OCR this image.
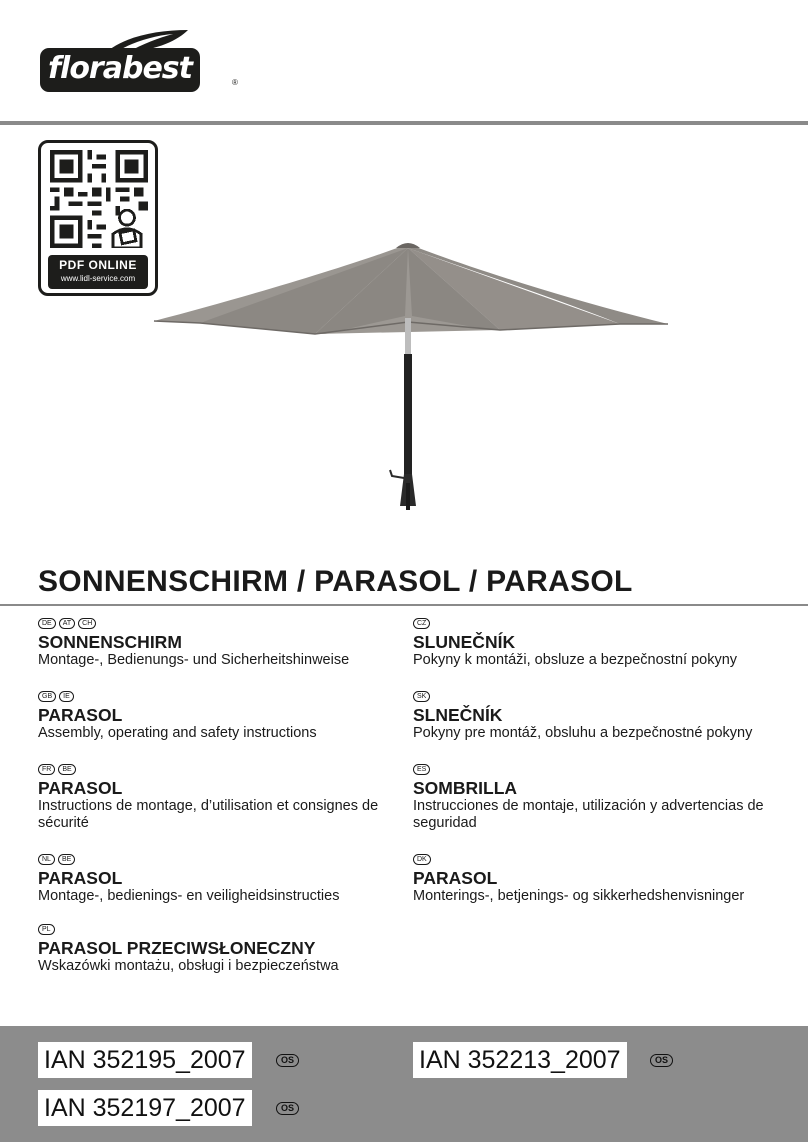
florabest	®
PDF ONLINE
www.lidl-service.com
SONNENSCHIRM / PARASOL / PARASOL
DE	AT	CH
SONNENSCHIRM
Montage-, Bedienungs- und Sicherheitshinweise
GB	IE
PARASOL
Assembly, operating and safety instructions
FR	BE
PARASOL
Instructions de montage, d’utilisation et consignes de sécurité
NL	BE
PARASOL
Montage-, bedienings- en veiligheidsinstructies
PL
PARASOL PRZECIWSŁONECZNY
Wskazówki montażu, obsługi i bezpieczeństwa
CZ
SLUNEČNÍK
Pokyny k montáži, obsluze a bezpečnostní pokyny
SK
SLNEČNÍK
Pokyny pre montáž, obsluhu a bezpečnostné pokyny
ES
SOMBRILLA
Instrucciones de montaje, utilización y advertencias de seguridad
DK
PARASOL
Monterings-, betjenings- og sikkerhedshenvisninger
IAN 352195_2007	OS	IAN 352213_2007	OS
IAN 352197_2007	OS
